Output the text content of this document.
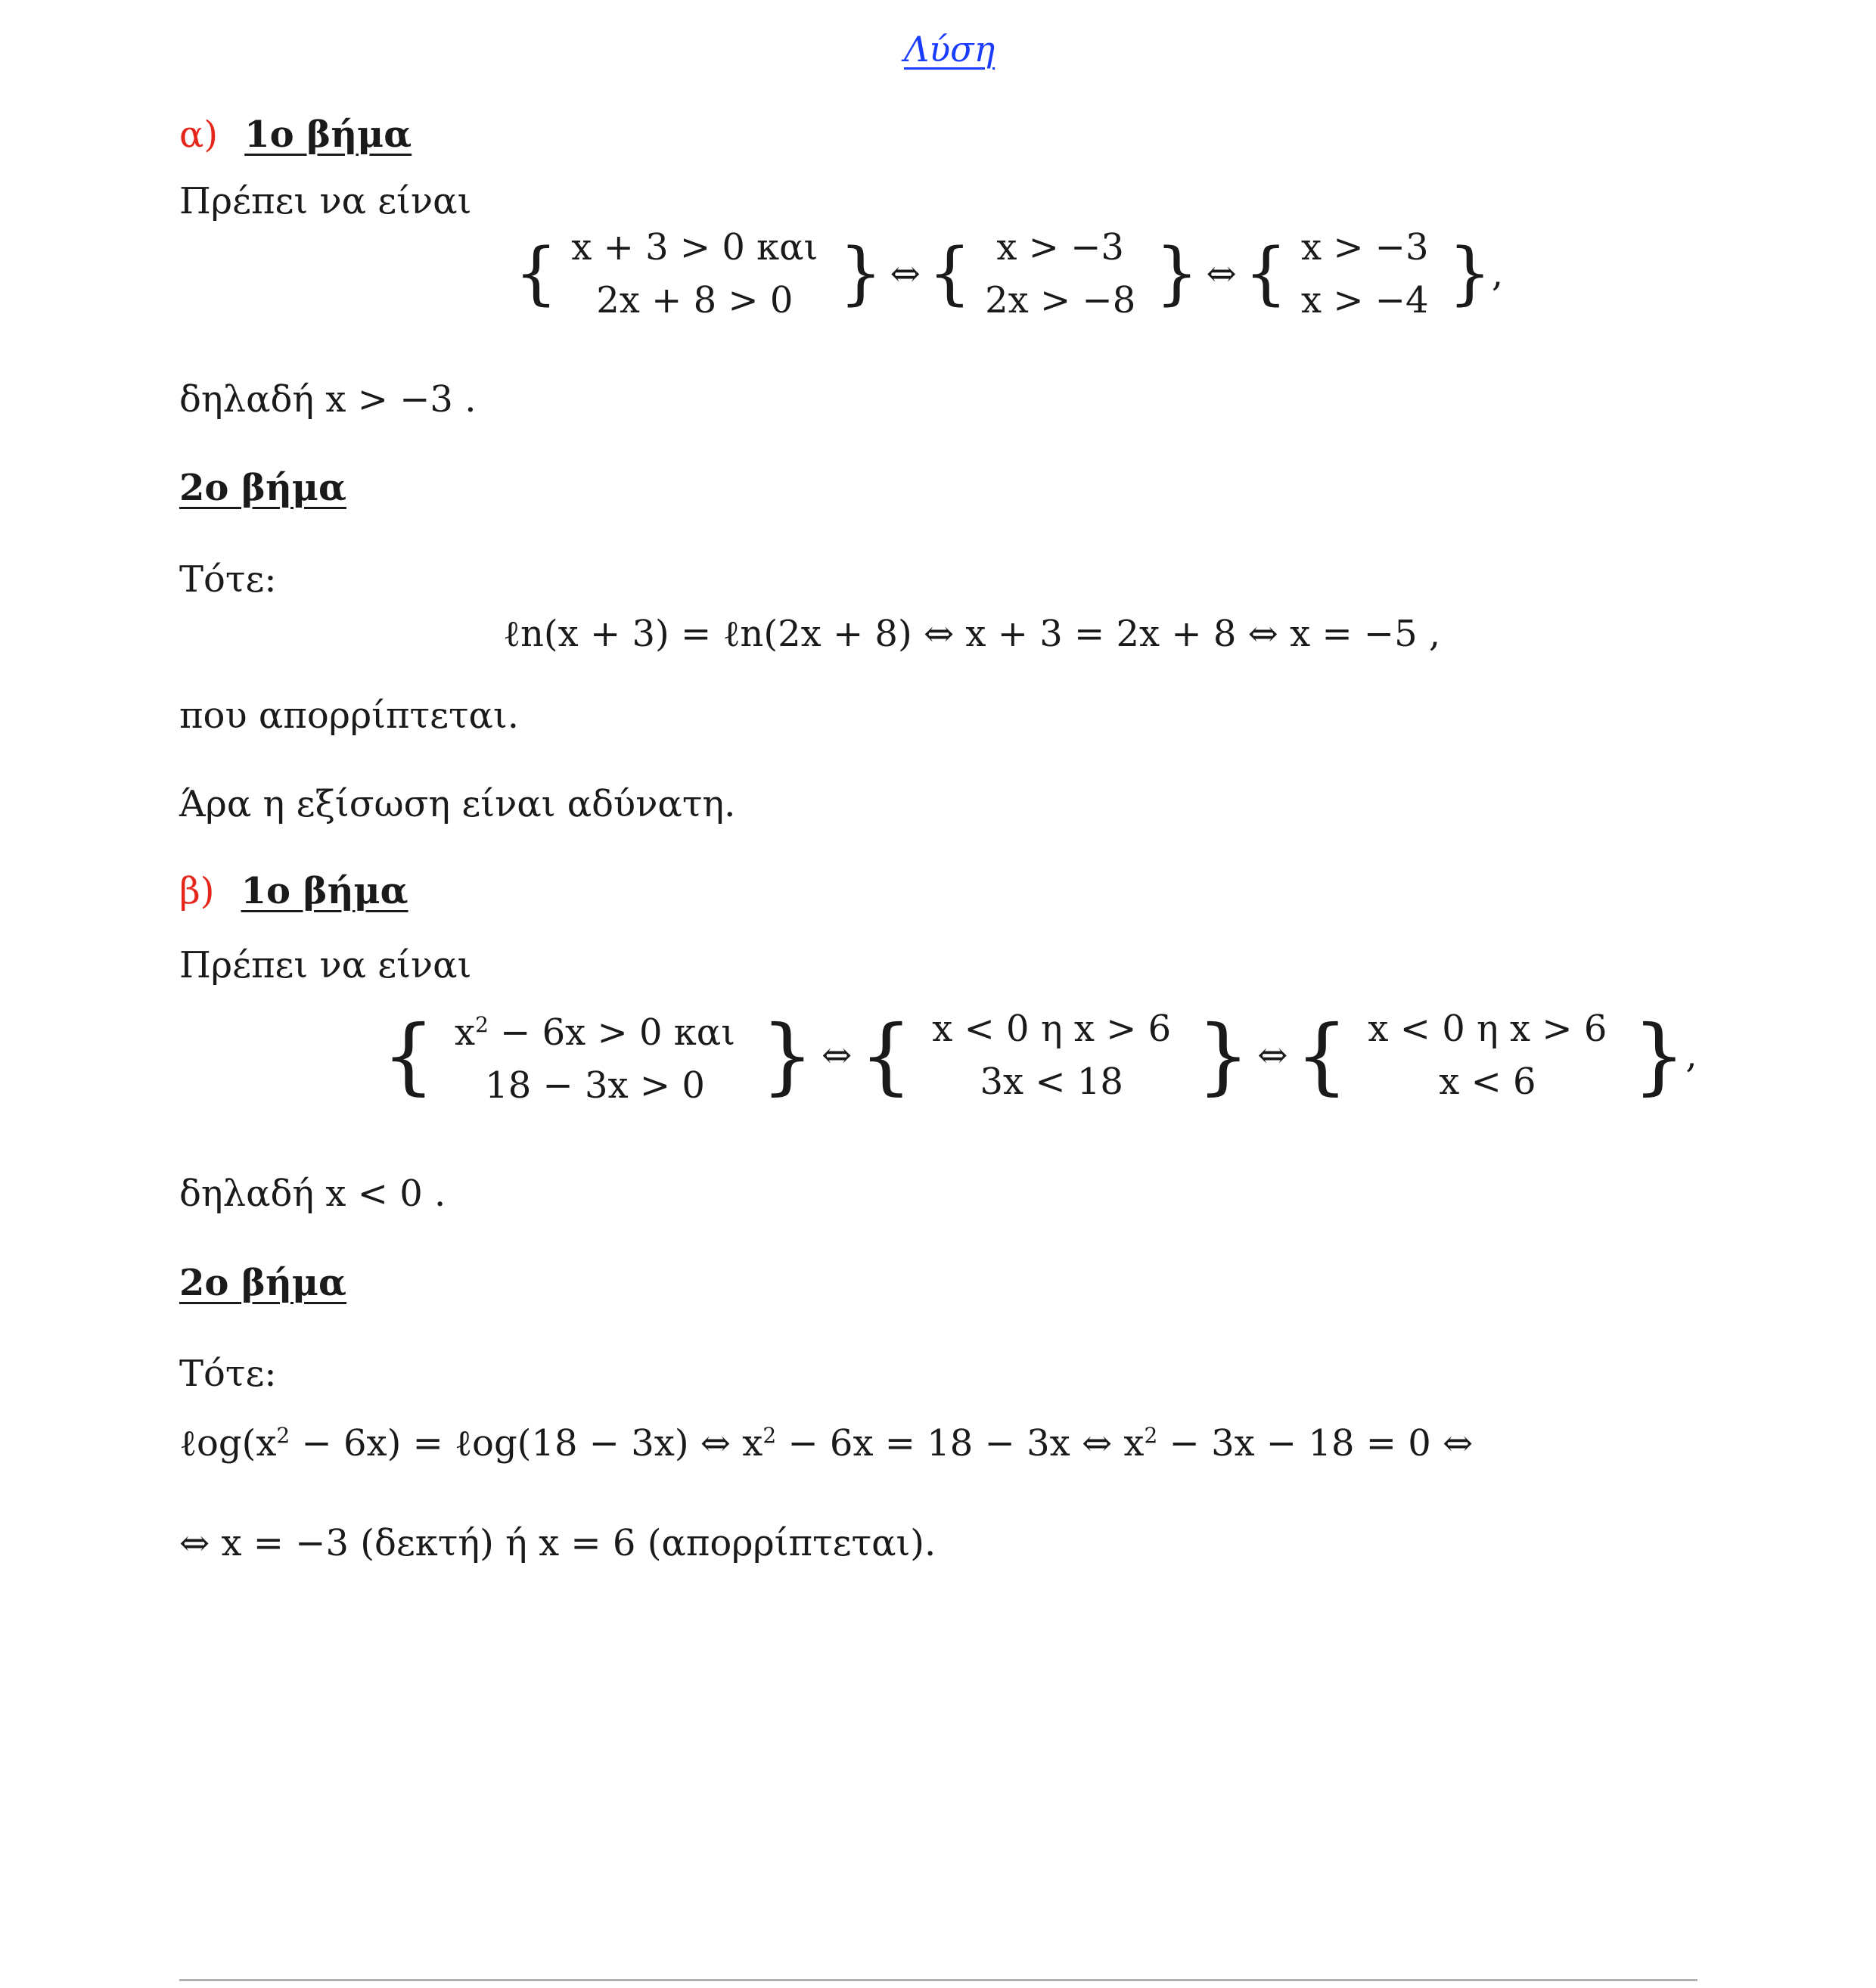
Λύση
α) 1ο βήμα
Πρέπει να είναι
{ x + 3 > 0 και
2x + 8 > 0 } ⇔ { x > −3
2x > −8 } ⇔ { x > −3
x > −4 } ,
δηλαδή x > −3 .
2ο βήμα
Τότε:
ℓn(x + 3) = ℓn(2x + 8) ⇔ x + 3 = 2x + 8 ⇔ x = −5 ,
που απορρίπτεται.
Άρα η εξίσωση είναι αδύνατη.
β) 1ο βήμα
Πρέπει να είναι
{ $x^2 - 6x > 0$ και
18 − 3x > 0 } ⇔ { x < 0 η x > 6
3x < 18 } ⇔ { x < 0 η x > 6
x < 6 } ,
δηλαδή x < 0 .
2ο βήμα
Τότε:
$\ell og(x^2 - 6x)$ = ℓog(18 − 3x) ⇔ $x^2 - 6x = 18 - 3x$ ⇔ $x^2 - 3x - 18 = 0$ ⇔
⇔ x = −3 (δεκτή) ή x = 6 (απορρίπτεται).
